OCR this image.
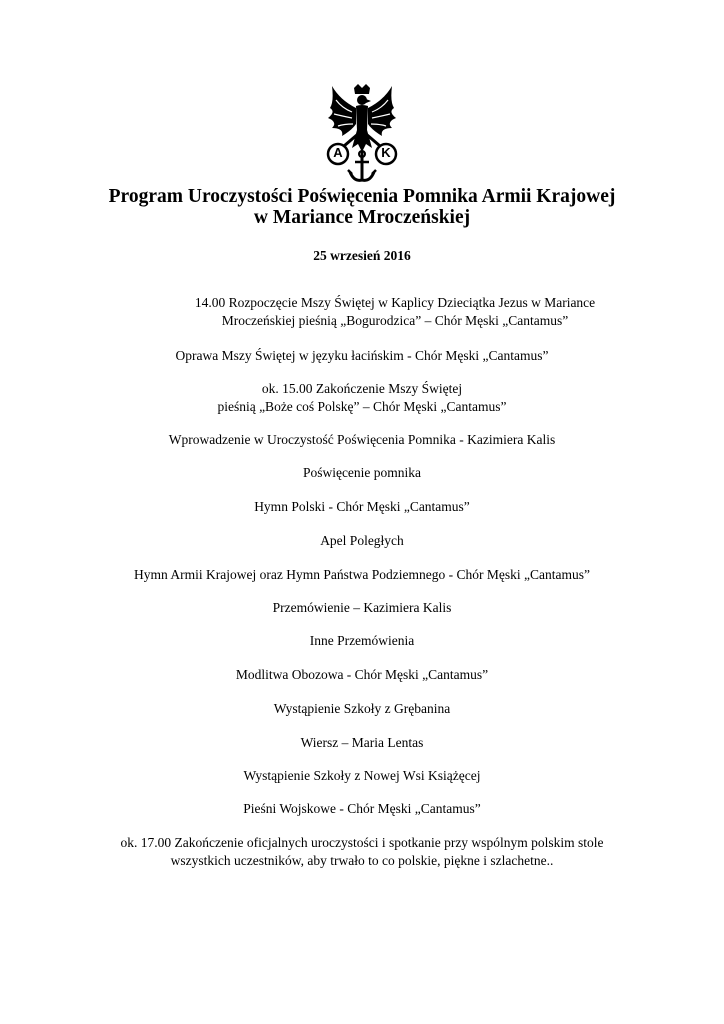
A	K
Program Uroczystości Poświęcenia Pomnika Armii Krajowej
w Mariance Mroczeńskiej
25 wrzesień 2016
14.00 Rozpoczęcie Mszy Świętej w Kaplicy Dzieciątka Jezus w Mariance
Mroczeńskiej pieśnią „Bogurodzica” – Chór Męski „Cantamus”
Oprawa Mszy Świętej w języku łacińskim - Chór Męski „Cantamus”
ok. 15.00 Zakończenie Mszy Świętej
pieśnią „Boże coś Polskę” – Chór Męski „Cantamus”
Wprowadzenie w Uroczystość Poświęcenia Pomnika - Kazimiera Kalis
Poświęcenie pomnika
Hymn Polski - Chór Męski „Cantamus”
Apel Poległych
Hymn Armii Krajowej oraz Hymn Państwa Podziemnego - Chór Męski „Cantamus”
Przemówienie – Kazimiera Kalis
Inne Przemówienia
Modlitwa Obozowa - Chór Męski „Cantamus”
Wystąpienie Szkoły z Grębanina
Wiersz – Maria Lentas
Wystąpienie Szkoły z Nowej Wsi Książęcej
Pieśni Wojskowe - Chór Męski „Cantamus”
ok. 17.00 Zakończenie oficjalnych uroczystości i spotkanie przy wspólnym polskim stole
wszystkich uczestników, aby trwało to co polskie, piękne i szlachetne..
